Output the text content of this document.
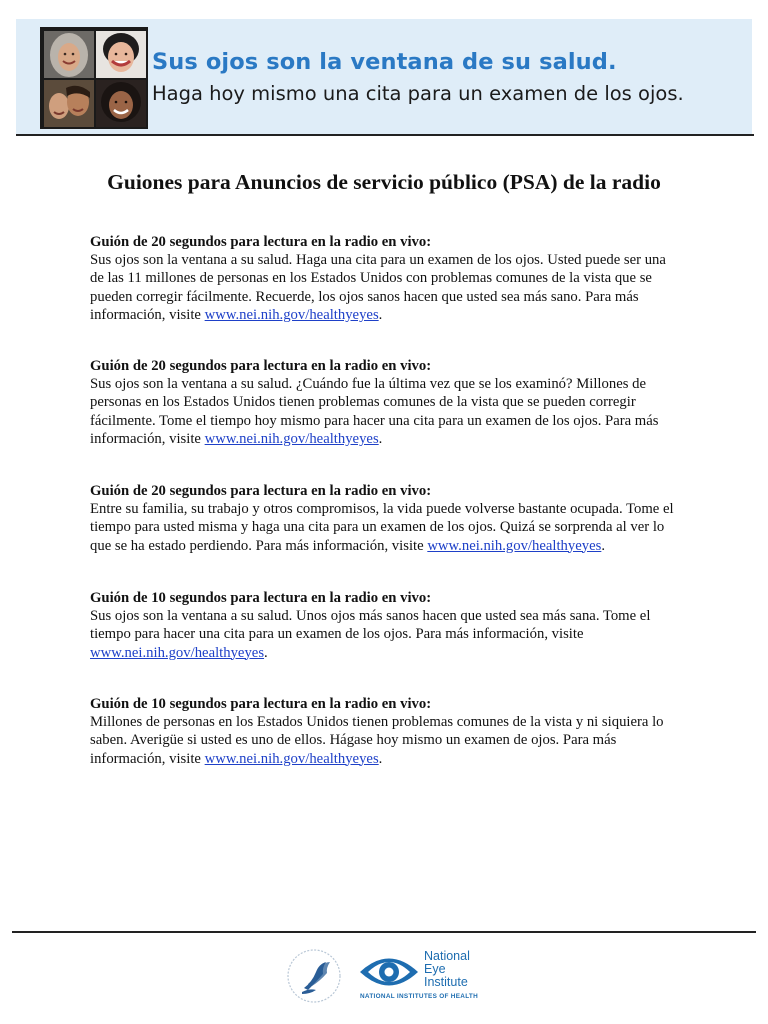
Sus ojos son la ventana de su salud.

Haga hoy mismo una cita para un examen de los ojos.

Guiones para Anuncios de servicio público (PSA) de la radio
Guión de 20 segundos para lectura en la radio en vivo:
Sus ojos son la ventana a su salud. Haga una cita para un examen de los ojos. Usted puede ser una de las 11 millones de personas en los Estados Unidos con problemas comunes de la vista que se pueden corregir fácilmente. Recuerde, los ojos sanos hacen que usted sea más sano. Para más información, visite www.nei.nih.gov/healthyeyes.
Guión de 20 segundos para lectura en la radio en vivo:
Sus ojos son la ventana a su salud. ¿Cuándo fue la última vez que se los examinó? Millones de personas en los Estados Unidos tienen problemas comunes de la vista que se pueden corregir fácilmente. Tome el tiempo hoy mismo para hacer una cita para un examen de los ojos. Para más información, visite www.nei.nih.gov/healthyeyes.
Guión de 20 segundos para lectura en la radio en vivo:
Entre su familia, su trabajo y otros compromisos, la vida puede volverse bastante ocupada. Tome el tiempo para usted misma y haga una cita para un examen de los ojos. Quizá se sorprenda al ver lo que se ha estado perdiendo. Para más información, visite www.nei.nih.gov/healthyeyes.
Guión de 10 segundos para lectura en la radio en vivo:
Sus ojos son la ventana a su salud. Unos ojos más sanos hacen que usted sea más sana. Tome el tiempo para hacer una cita para un examen de los ojos. Para más información, visite www.nei.nih.gov/healthyeyes.
Guión de 10 segundos para lectura en la radio en vivo:
Millones de personas en los Estados Unidos tienen problemas comunes de la vista y ni siquiera lo saben. Averigüe si usted es uno de ellos. Hágase hoy mismo un examen de ojos. Para más información, visite www.nei.nih.gov/healthyeyes.
National
Eye
Institute
NATIONAL INSTITUTES OF HEALTH
